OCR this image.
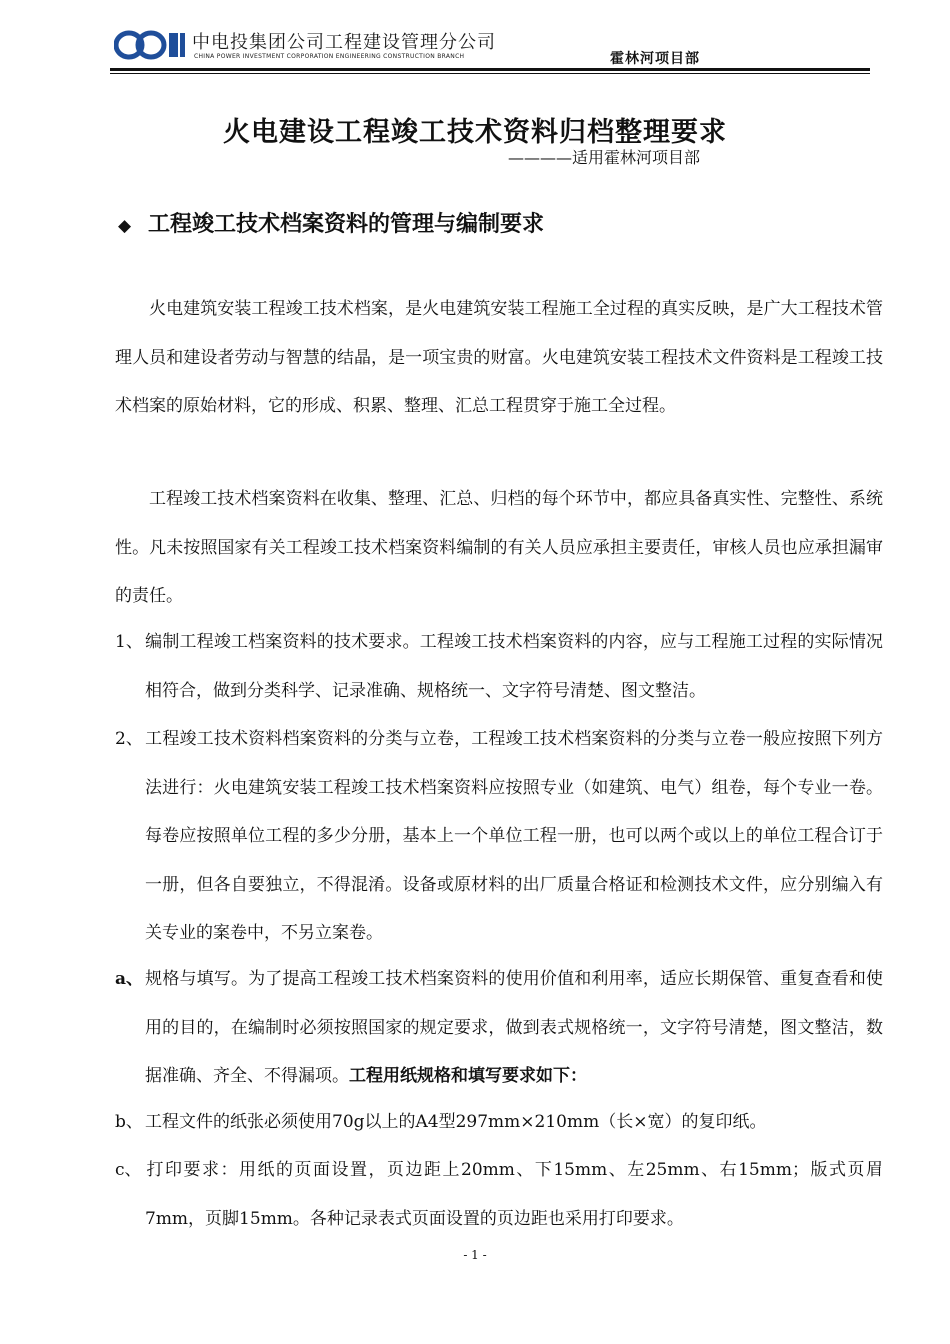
中电投集团公司工程建设管理分公司
CHINA POWER INVESTMENT CORPORATION ENGINEERING CONSTRUCTION BRANCH	霍林河项目部
火电建设工程竣工技术资料归档整理要求
————适用霍林河项目部
◆ 工程竣工技术档案资料的管理与编制要求
火电建筑安装工程竣工技术档案，是火电建筑安装工程施工全过程的真实反映，是广大工程技术管理人员和建设者劳动与智慧的结晶，是一项宝贵的财富。火电建筑安装工程技术文件资料是工程竣工技术档案的原始材料，它的形成、积累、整理、汇总工程贯穿于施工全过程。
工程竣工技术档案资料在收集、整理、汇总、归档的每个环节中，都应具备真实性、完整性、系统性。凡未按照国家有关工程竣工技术档案资料编制的有关人员应承担主要责任，审核人员也应承担漏审的责任。
1、 编制工程竣工档案资料的技术要求。工程竣工技术档案资料的内容，应与工程施工过程的实际情况相符合，做到分类科学、记录准确、规格统一、文字符号清楚、图文整洁。
2、 工程竣工技术资料档案资料的分类与立卷，工程竣工技术档案资料的分类与立卷一般应按照下列方法进行：火电建筑安装工程竣工技术档案资料应按照专业（如建筑、电气）组卷，每个专业一卷。每卷应按照单位工程的多少分册，基本上一个单位工程一册，也可以两个或以上的单位工程合订于一册，但各自要独立，不得混淆。设备或原材料的出厂质量合格证和检测技术文件，应分别编入有关专业的案卷中，不另立案卷。
a、 规格与填写。为了提高工程竣工技术档案资料的使用价值和利用率，适应长期保管、重复查看和使用的目的，在编制时必须按照国家的规定要求，做到表式规格统一，文字符号清楚，图文整洁，数据准确、齐全、不得漏项。工程用纸规格和填写要求如下：
b、 工程文件的纸张必须使用70g以上的A4型297mm×210mm（长×宽）的复印纸。
c、 打印要求：用纸的页面设置，页边距上20mm、下15mm、左25mm、右15mm；版式页眉7mm，页脚15mm。各种记录表式页面设置的页边距也采用打印要求。
- 1 -
